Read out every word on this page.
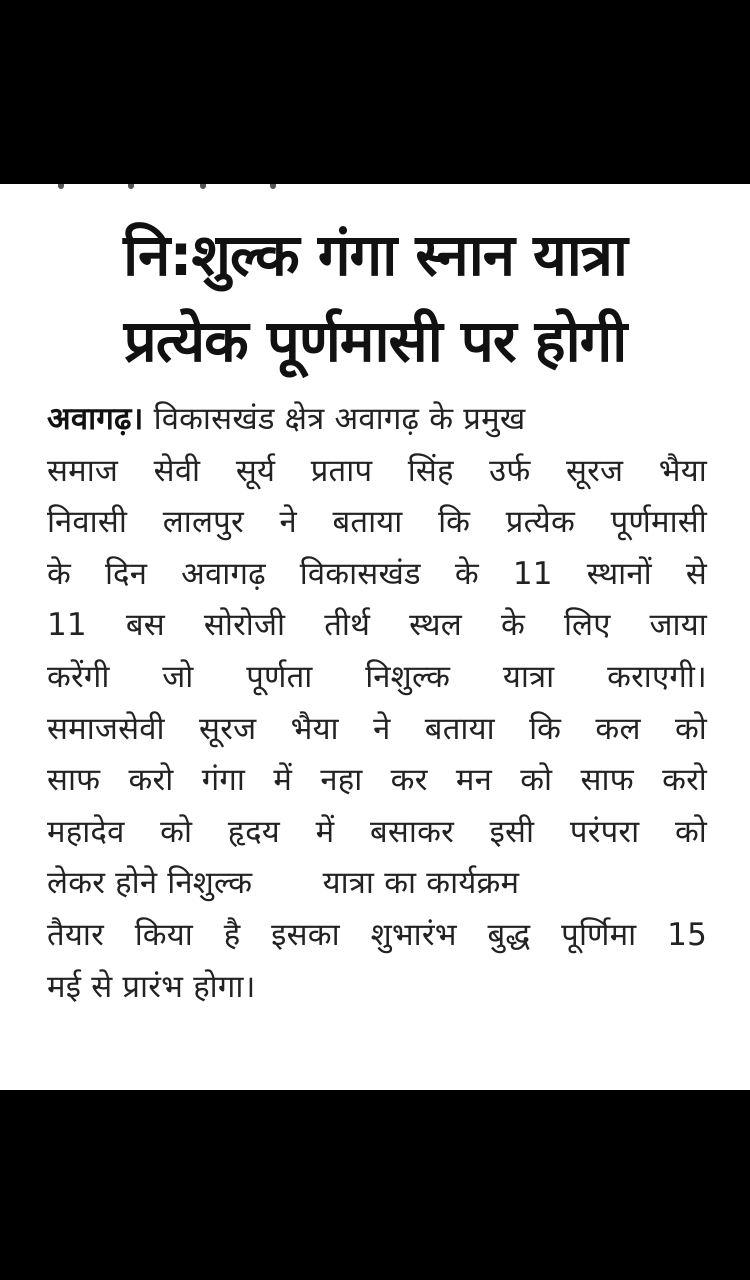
नि:शुल्क गंगा स्नान यात्रा
प्रत्येक पूर्णमासी पर होगी
अवागढ़। विकासखंड क्षेत्र अवागढ़ के प्रमुख
समाज सेवी सूर्य प्रताप सिंह उर्फ सूरज भैया
निवासी लालपुर ने बताया कि प्रत्येक पूर्णमासी
के दिन अवागढ़ विकासखंड के 11 स्थानों से
11 बस सोरोजी तीर्थ स्थल के लिए जाया
करेंगी जो पूर्णता निशुल्क यात्रा कराएगी।
समाजसेवी सूरज भैया ने बताया कि कल को
साफ करो गंगा में नहा कर मन को साफ करो
महादेव को हृदय में बसाकर इसी परंपरा को
लेकर होने निशुल्क       यात्रा का कार्यक्रम
तैयार किया है इसका शुभारंभ बुद्ध पूर्णिमा 15
मई से प्रारंभ होगा।
